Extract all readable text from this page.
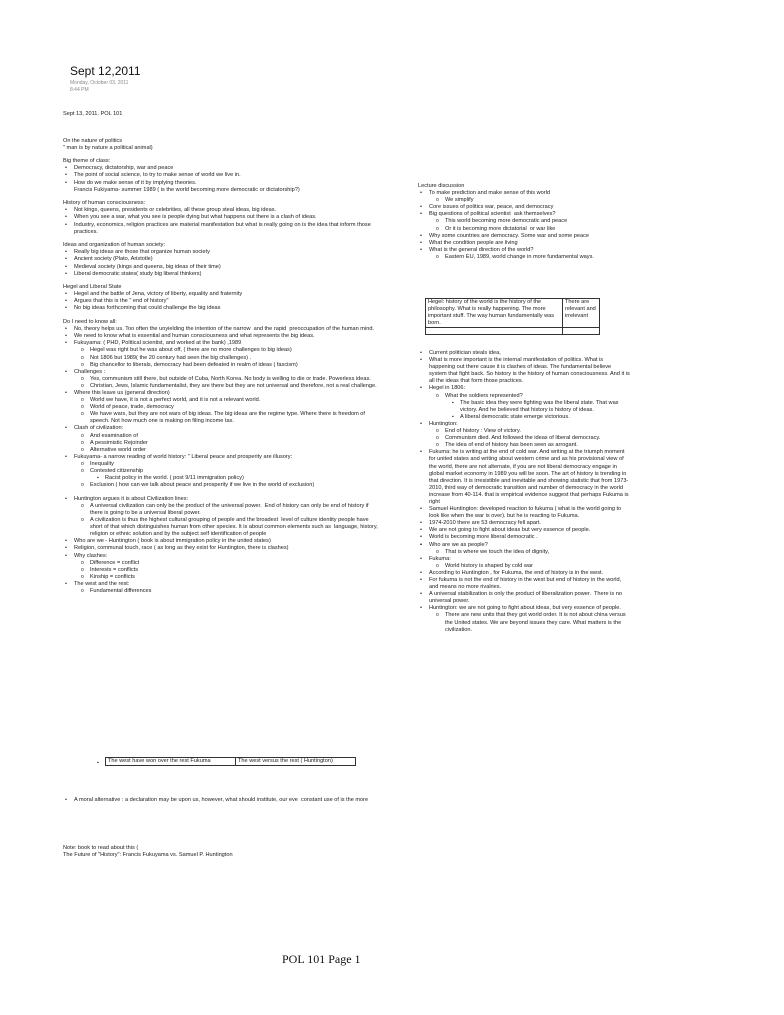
Sept 12,2011
Monday, October 03, 2011
8:44 PM

Sept 13, 2011. POL 101

On the nature of politics

" man is by nature a political animal)

Big theme of class:

• Democracy, dictatorship, war and peace

• The point of social science, to try to make sense of world we live in.

• How do we make sense of it by implying theories.

Francis Fukiyama- summer 1989 ( is the world becoming more democratic or dictatorship?)

History of human consciousness:

• Not kings, queens, presidents or celebrities, all these group steal ideas, big ideas.

• When you see a war, what you see is people dying but what happens out there is a clash of ideas.

• Industry, economics, religion practices are material manifestation but what is really going on is the idea that inform those practices.

Ideas and organization of human society:

• Really big ideas are those that organize human society

• Ancient society (Plato, Aristotle)

• Medieval society (kings and queens, big ideas of their time)

• Liberal democratic states( study big liberal thinkers)

Hegel and Liberal State

• Hegel and the battle of Jena, victory of liberty, equality and fraternity

• Argues that this is the " end of history"

• No big ideas forthcoming that could challenge the big ideas

Do I need to know all:

• No, theory helps us. Too often the unyielding the intention of the narrow  and the rapid  preoccupation of the human mind.

• We need to know what is essential and human consciousness and what represents the big ideas.

• Fukuyama: ( PHD, Political scientist, and worked at the bank) ,1989

o Hegel was right but he was about off, ( there are no more challenges to big ideas)

o Not 1806 but 1989( the 20 century had seen the big challenges) .

o Big chancellor to liberals, democracy had been defeated in realm of ideas ( fascism)

• Challenges :

o Yes, communism still there, but outside of Cuba, North Korea. No body is welling to die or trade. Powerless ideas.

o Christian, Jews, Islamic fundamentalist, they are there but they are not universal and therefore, not a real challenge.

• Where this leave us (general direction)

o World we have, it is not a perfect world, and it is not a relevant world.

o World of peace, trade, democracy

o We have wars, but they are not wars of big ideas. The big ideas are the regime type. Where there is freedom of speech. Not how much one is making on filing income tax.

• Clash of civilization:

o And examination of

o A pessimistic Rejoinder

o Alternative world order

• Fukuyama- a narrow reading of world history: " Liberal peace and prosperity are illusory:

o Inequality

o Contested citizenship

▪ Racist policy in the world. ( post 9/11 immigration policy)

o Exclusion ( how can we talk about peace and prosperity if we live in the world of exclusion)

• Huntington argues it is about Civilization lines:

o A universal civilization can only be the product of the universal power.  End of history can only be end of history if there is going to be a universal liberal power.

o A civilization is thus the highest cultural grouping of people and the broadest  level of culture identity people have short of that which distinguishes human from other species. It is about common elements such as  language, history, religion or ethnic solution and by the subject self identification of people

• Who are we - Huntington ( book is about immigration policy in the united states)

• Religion, communal touch, race ( as long as they exist for Huntington, there is clashes)

• Why clashes:

o Difference = conflict

o Interests = conflicts

o Kinship = conflicts

• The west and the rest:

o Fundamental differences

▪ The west have won over the rest Fukuma	The west versus the rest ( Huntington)

• A moral alternative : a declaration may be upon us, however, what should institute, our eve  constant use of is the more

Note: book to read about this (

The Future of "History": Francis Fukuyama vs. Samuel P. Huntington

Lecture discussion

• To make prediction and make sense of this world

o We simplify

• Core issues of politics war, peace, and democracy

• Big questions of political scientist  ask themselves?

o This world becoming more democratic and peace

o Or it is becoming more dictatorial  or war like

• Why some countries are democracy. Some war and some peace

• What the condition people are living

• What is the general direction of the world?

o Eastern EU, 1989, world change in more fundamental ways.

Hegel: history of the world is the history of the philosophy. What is really happening. The more important stuff. The way human fundamentally was born.	There are relevant and irrelevant

• Current politician steals idea,

• What is more important is the internal manifestation of politics. What is happening out there cause it is clashes of ideas. The fundamental believe system that fight back. So history is the history of human consciousness. And it is all the ideas that form those practices.

• Hegel in 1806:

o What the soldiers represented?

▪ The basic idea they were fighting was the liberal state. That was victory. And he believed that history is history of ideas.

▪ A liberal democratic state emerge victorious.

• Huntington:

o End of history : View of victory.

o Communism died. And followed the ideas of liberal democracy.

o The idea of end of history has been seen as arrogant.

• Fukuma: he is writing at the end of cold war. And writing at the triumph moment for united states and writing about western crime and as his provisional view of the world, there are not alternate, if you are not liberal democracy engage in global market economy in 1989 you will be soon. The art of history is trending in that direction. It is irresistible and inevitable and showing statistic that from 1973-2010, third way of democratic transition and number of democracy in the world increase from 40-114. that is empirical evidence suggest that perhaps Fukuma is right

• Samuel Huntington: developed reaction to fukuma ( what is the world going to look like when the war is over). but he is reacting to Fukuma.

• 1974-2010 there are 53 democracy fell apart.

• We are not going to fight about ideas but very essence of people.

• World is becoming more liberal democratic .

• Who are we as people?

o That is where we touch the idea of dignity,

• Fukuma:

o World history is shaped by cold war

• According to Huntington , for Fukuma, the end of history is in the west.

• For fukuma is not the end of history in the west but end of history in the world, and means no more rivalries.

• A universal stabilization is only the product of liberalization power.  There is no universal power.

• Huntington: we are not going to fight about ideas, but very essence of people.

o There are new units that they got world order. It is not about china versus the United states. We are beyond issues they care. What matters is the civilization.

POL 101 Page 1
